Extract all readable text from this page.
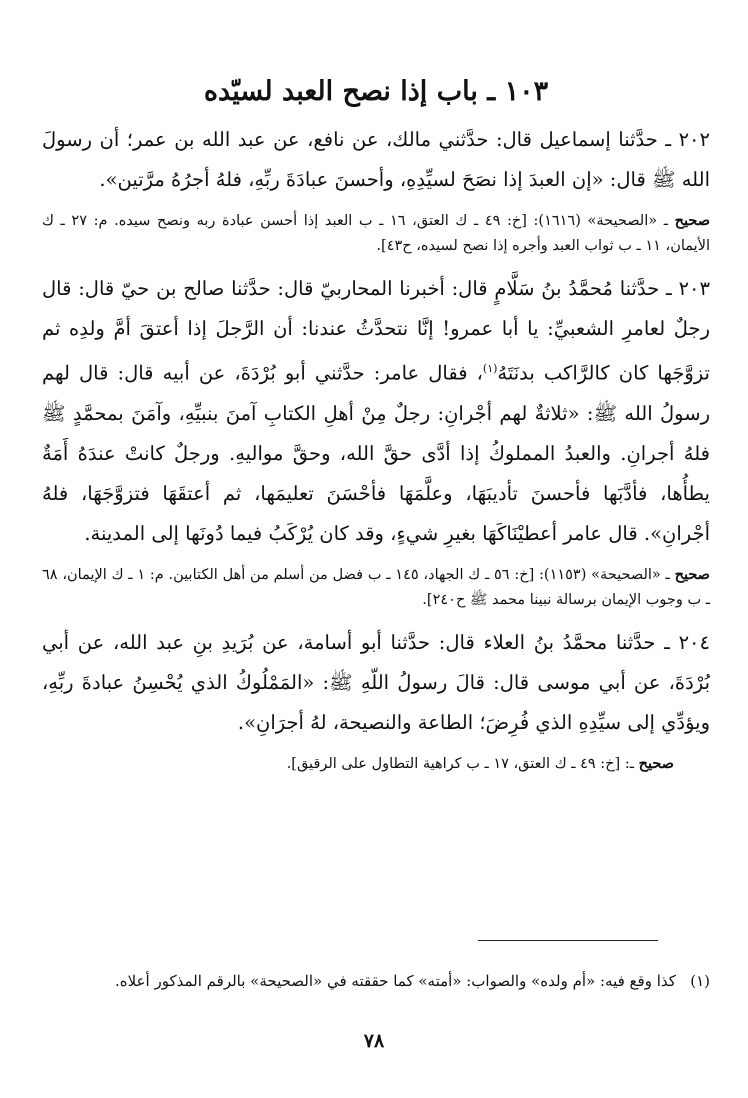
١٠٣ ـ باب إذا نصح العبد لسيّده

٢٠٢ ـ حدَّثنا إسماعيل قال: حدَّثني مالك، عن نافع، عن عبد الله بن عمر؛ أن رسولَ الله ﷺ قال: «إن العبدَ إذا نصَحَ لسيِّدِهِ، وأحسنَ عبادَةَ ربِّهِ، فلهُ أجرُهُ مرَّتين».

صحيح ـ «الصحيحة» (١٦١٦): [خ: ٤٩ ـ ك العتق، ١٦ ـ ب العبد إذا أحسن عبادة ربه ونصح سيده. م: ٢٧ ـ ك الأيمان، ١١ ـ ب ثواب العبد وأجره إذا نصح لسيده، ح٤٣].

٢٠٣ ـ حدَّثنا مُحمَّدُ بنُ سَلَّامٍ قال: أخبرنا المحاربيّ قال: حدَّثنا صالح بن حيّ قال: قال رجلٌ لعامرِ الشعبيِّ: يا أبا عمرو! إنَّا نتحدَّثُ عندنا: أن الرَّجلَ إذا أعتقَ أمَّ ولدِه ثم تزوَّجَها كان كالرَّاكب بدنَتَهُ$^{(١)}$، فقال عامر: حدَّثني أبو بُرْدَةَ، عن أبيه قال: قال لهم رسولُ الله ﷺ: «ثلاثةٌ لهم أجْرانِ: رجلٌ مِنْ أهلِ الكتابِ آمنَ بنبيِّهِ، وآمَنَ بمحمَّدٍ ﷺ فلهُ أجرانِ. والعبدُ المملوكُ إذا أدَّى حقَّ الله، وحقَّ مواليهِ. ورجلٌ كانتْ عندَهُ أَمَةٌ يطأُها، فأدَّبَها فأحسنَ تأديبَهَا، وعلَّمَهَا فأحْسَنَ تعليمَها، ثم أعتقَهَا فتزوَّجَهَا، فلهُ أجْرانِ». قال عامر أعطيْنَاكَهَا بغيرِ شيءٍ، وقد كان يُرْكَبُ فيما دُونَها إلى المدينة.

صحيح ـ «الصحيحة» (١١٥٣): [خ: ٥٦ ـ ك الجهاد، ١٤٥ ـ ب فضل من أسلم من أهل الكتابين. م: ١ ـ ك الإيمان، ٦٨ ـ ب وجوب الإيمان برسالة نبينا محمد ﷺ ح٢٤٠].

٢٠٤ ـ حدَّثنا محمَّدُ بنُ العلاء قال: حدَّثنا أبو أسامة، عن بُرَيدِ بنِ عبد الله، عن أبي بُرْدَةَ، عن أبي موسى قال: قالَ رسولُ اللّهِ ﷺ: «المَمْلُوكُ الذي يُحْسِنُ عبادةَ ربِّهِ، ويؤدِّي إلى سيِّدِهِ الذي فُرِضَ؛ الطاعة والنصيحة، لهُ أجرَانِ».

صحيح ـ: [خ: ٤٩ ـ ك العتق، ١٧ ـ ب كراهية التطاول على الرقيق].

(١)   كذا وقع فيه: «أم ولده» والصواب: «أمته» كما حققته في «الصحيحة» بالرقم المذكور أعلاه.

٧٨
